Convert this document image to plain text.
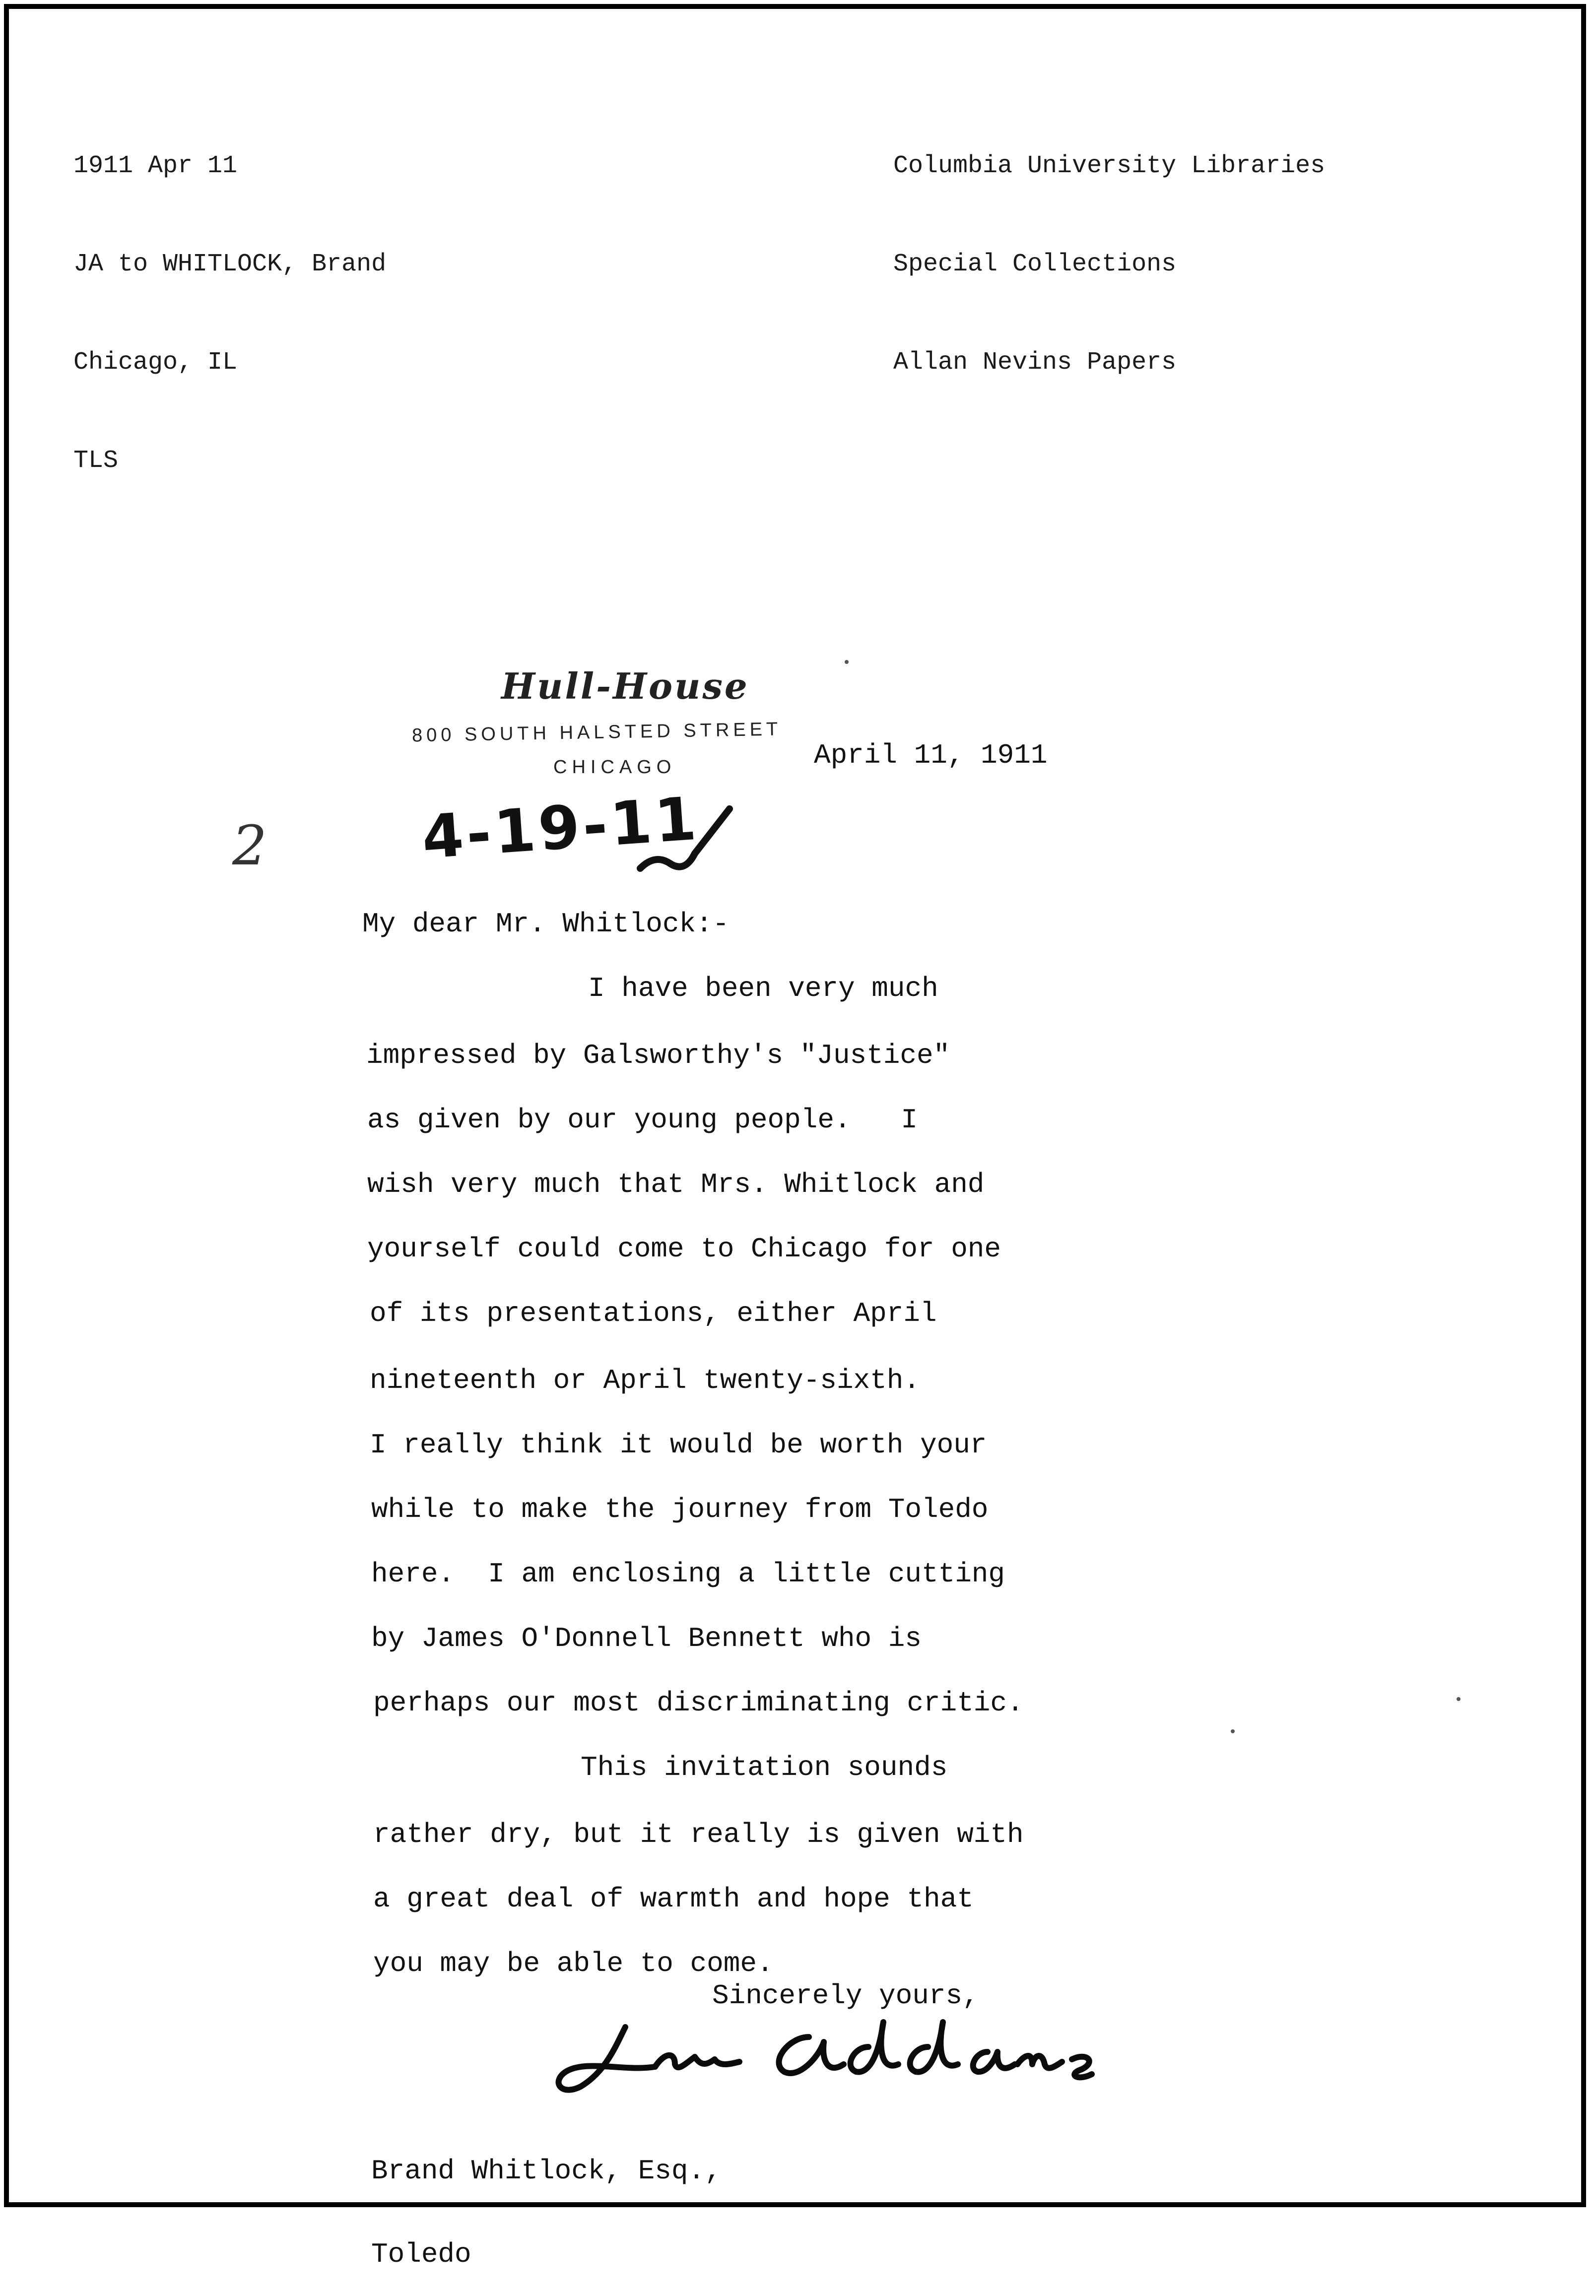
1911 Apr 11

JA to WHITLOCK, Brand

Chicago, IL

TLS

Columbia University Libraries

Special Collections

Allan Nevins Papers

Hull-House
800 SOUTH HALSTED STREET
CHICAGO	April 11, 1911
4-19-11
2
My dear Mr. Whitlock:-
I have been very much
impressed by Galsworthy's "Justice"
as given by our young people.   I
wish very much that Mrs. Whitlock and
yourself could come to Chicago for one
of its presentations, either April
nineteenth or April twenty-sixth.
I really think it would be worth your
while to make the journey from Toledo
here.  I am enclosing a little cutting
by James O'Donnell Bennett who is
perhaps our most discriminating critic.
This invitation sounds
rather dry, but it really is given with
a great deal of warmth and hope that
you may be able to come.
Sincerely yours,

Brand Whitlock, Esq.,

Toledo
